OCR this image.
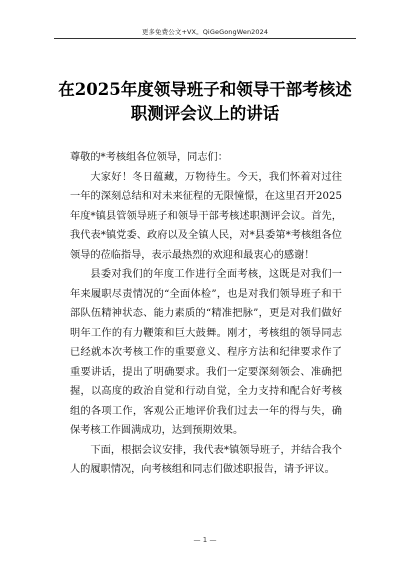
更多免费公文+VX。QiGeGongWen2024
在2025年度领导班子和领导干部考核述
职测评会议上的讲话

尊敬的*考核组各位领导，同志们：

大家好！冬日蕴藏，万物待生。今天，我们怀着对过往一年的深刻总结和对未来征程的无限憧憬，在这里召开2025年度*镇县管领导班子和领导干部考核述职测评会议。首先，我代表*镇党委、政府以及全镇人民，对*县委第*考核组各位领导的莅临指导，表示最热烈的欢迎和最衷心的感谢！

县委对我们的年度工作进行全面考核，这既是对我们一年来履职尽责情况的“全面体检”，也是对我们领导班子和干部队伍精神状态、能力素质的“精准把脉”，更是对我们做好明年工作的有力鞭策和巨大鼓舞。刚才，考核组的领导同志已经就本次考核工作的重要意义、程序方法和纪律要求作了重要讲话，提出了明确要求。我们一定要深刻领会、准确把握，以高度的政治自觉和行动自觉，全力支持和配合好考核组的各项工作，客观公正地评价我们过去一年的得与失，确保考核工作圆满成功，达到预期效果。

下面，根据会议安排，我代表*镇领导班子，并结合我个人的履职情况，向考核组和同志们做述职报告，请予评议。

— 1 —
